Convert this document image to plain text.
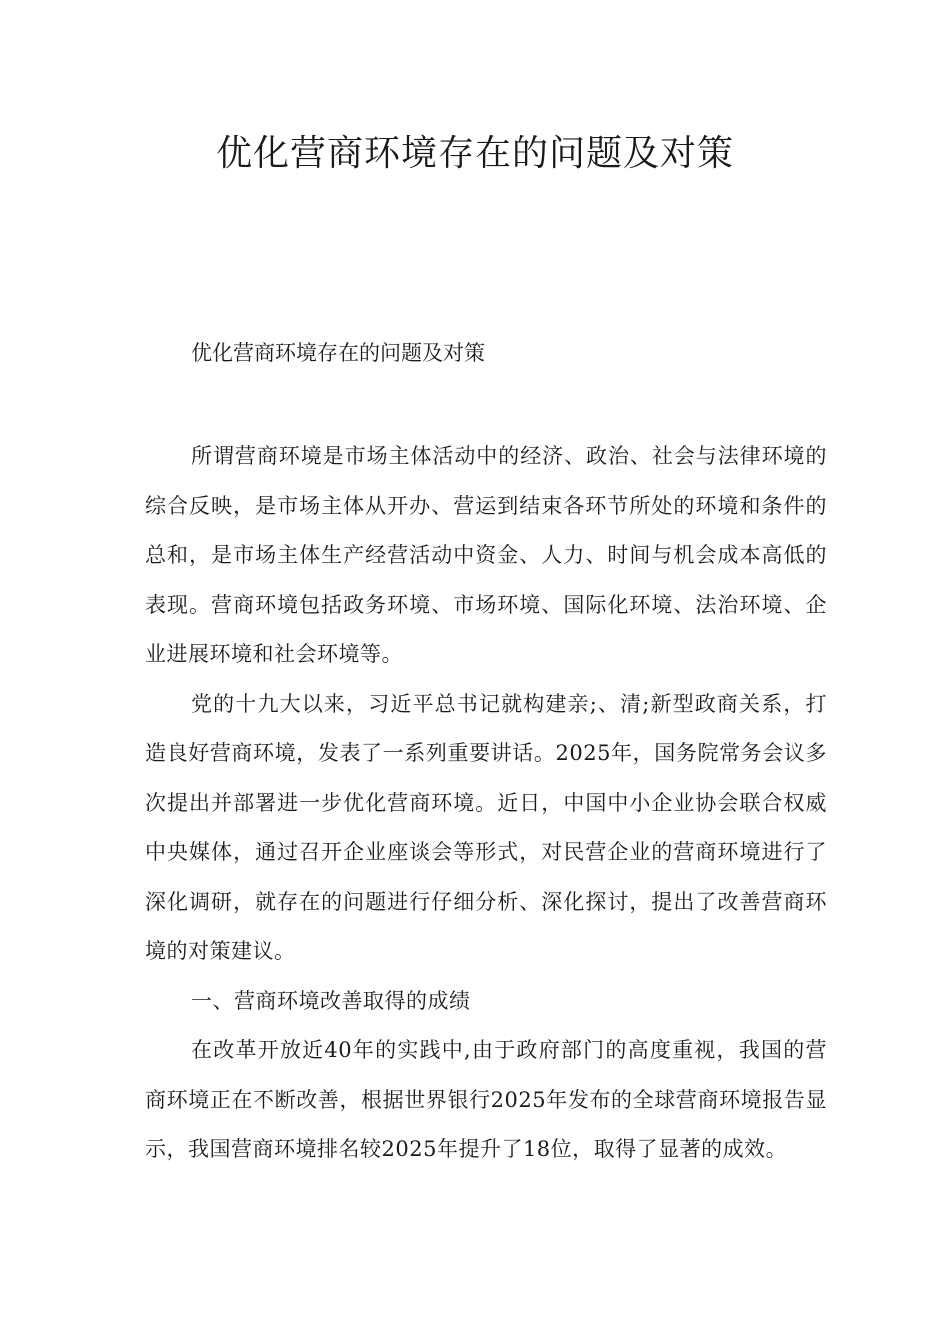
优化营商环境存在的问题及对策

优化营商环境存在的问题及对策

所谓营商环境是市场主体活动中的经济、政治、社会与法律环境的综合反映，是市场主体从开办、营运到结束各环节所处的环境和条件的总和，是市场主体生产经营活动中资金、人力、时间与机会成本高低的表现。营商环境包括政务环境、市场环境、国际化环境、法治环境、企业进展环境和社会环境等。

党的十九大以来，习近平总书记就构建亲;、清;新型政商关系，打造良好营商环境，发表了一系列重要讲话。2025年，国务院常务会议多次提出并部署进一步优化营商环境。近日，中国中小企业协会联合权威中央媒体，通过召开企业座谈会等形式，对民营企业的营商环境进行了深化调研，就存在的问题进行仔细分析、深化探讨，提出了改善营商环境的对策建议。

一、营商环境改善取得的成绩

在改革开放近40年的实践中,由于政府部门的高度重视，我国的营商环境正在不断改善，根据世界银行2025年发布的全球营商环境报告显示，我国营商环境排名较2025年提升了18位，取得了显著的成效。
